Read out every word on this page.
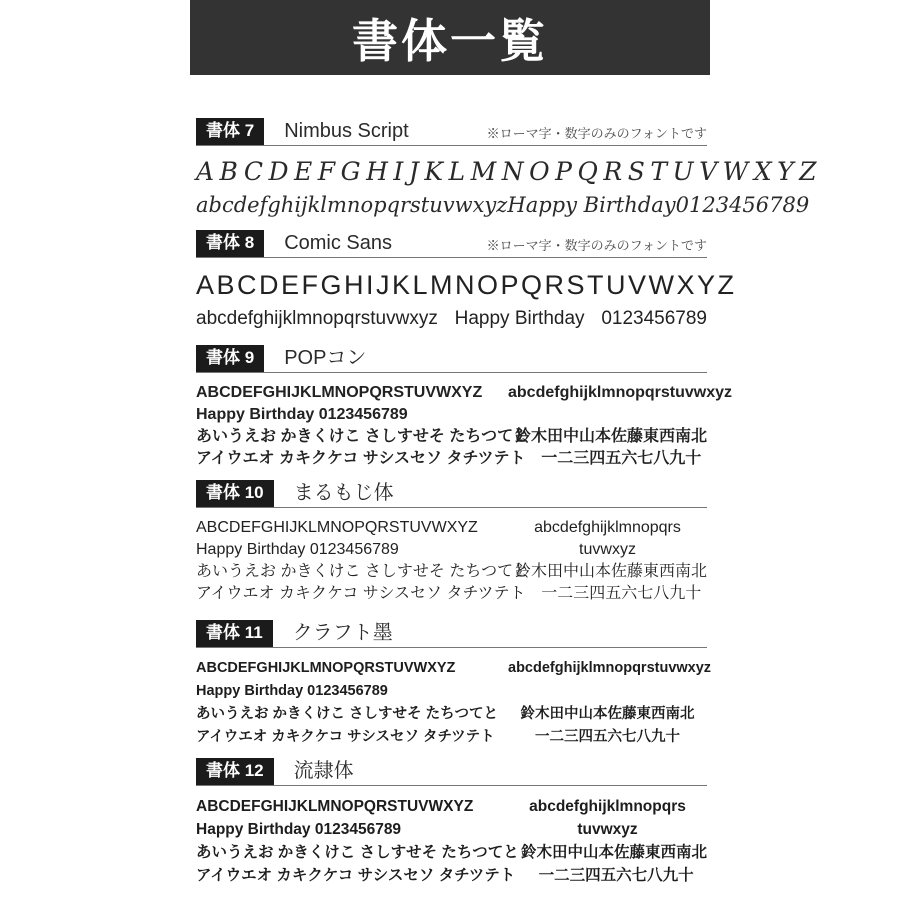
書体一覧
書体 7	Nimbus Script	※ローマ字・数字のみのフォントです
ABCDEFGHIJKLMNOPQRSTUVWXYZ
abcdefghijklmnopqrstuvwxyz Happy Birthday 0123456789
書体 8	Comic Sans	※ローマ字・数字のみのフォントです
ABCDEFGHIJKLMNOPQRSTUVWXYZ
abcdefghijklmnopqrstuvwxyz Happy Birthday 0123456789
書体 9	POPコン
ABCDEFGHIJKLMNOPQRSTUVWXYZ	abcdefghijklmnopqrstuvwxyz
Happy Birthday 0123456789
あいうえお かきくけこ さしすせそ たちつてと
鈴木田中山本佐藤東西南北
アイウエオ カキクケコ サシスセソ タチツテト 一二三四五六七八九十
書体 10	まるもじ体
ABCDEFGHIJKLMNOPQRSTUVWXYZ	abcdefghijklmnopqrs
Happy Birthday 0123456789	tuvwxyz
あいうえお かきくけこ さしすせそ たちつてと
鈴木田中山本佐藤東西南北
アイウエオ カキクケコ サシスセソ タチツテト 一二三四五六七八九十
書体 11	クラフト墨
ABCDEFGHIJKLMNOPQRSTUVWXYZ	abcdefghijklmnopqrstuvwxyz
Happy Birthday 0123456789
あいうえお かきくけこ さしすせそ たちつてと	鈴木田中山本佐藤東西南北
アイウエオ カキクケコ サシスセソ タチツテト	一二三四五六七八九十
書体 12	流隷体
ABCDEFGHIJKLMNOPQRSTUVWXYZ	abcdefghijklmnopqrs
Happy Birthday 0123456789	tuvwxyz
あいうえお かきくけこ さしすせそ たちつてと 鈴木田中山本佐藤東西南北
アイウエオ カキクケコ サシスセソ タチツテト	一二三四五六七八九十
